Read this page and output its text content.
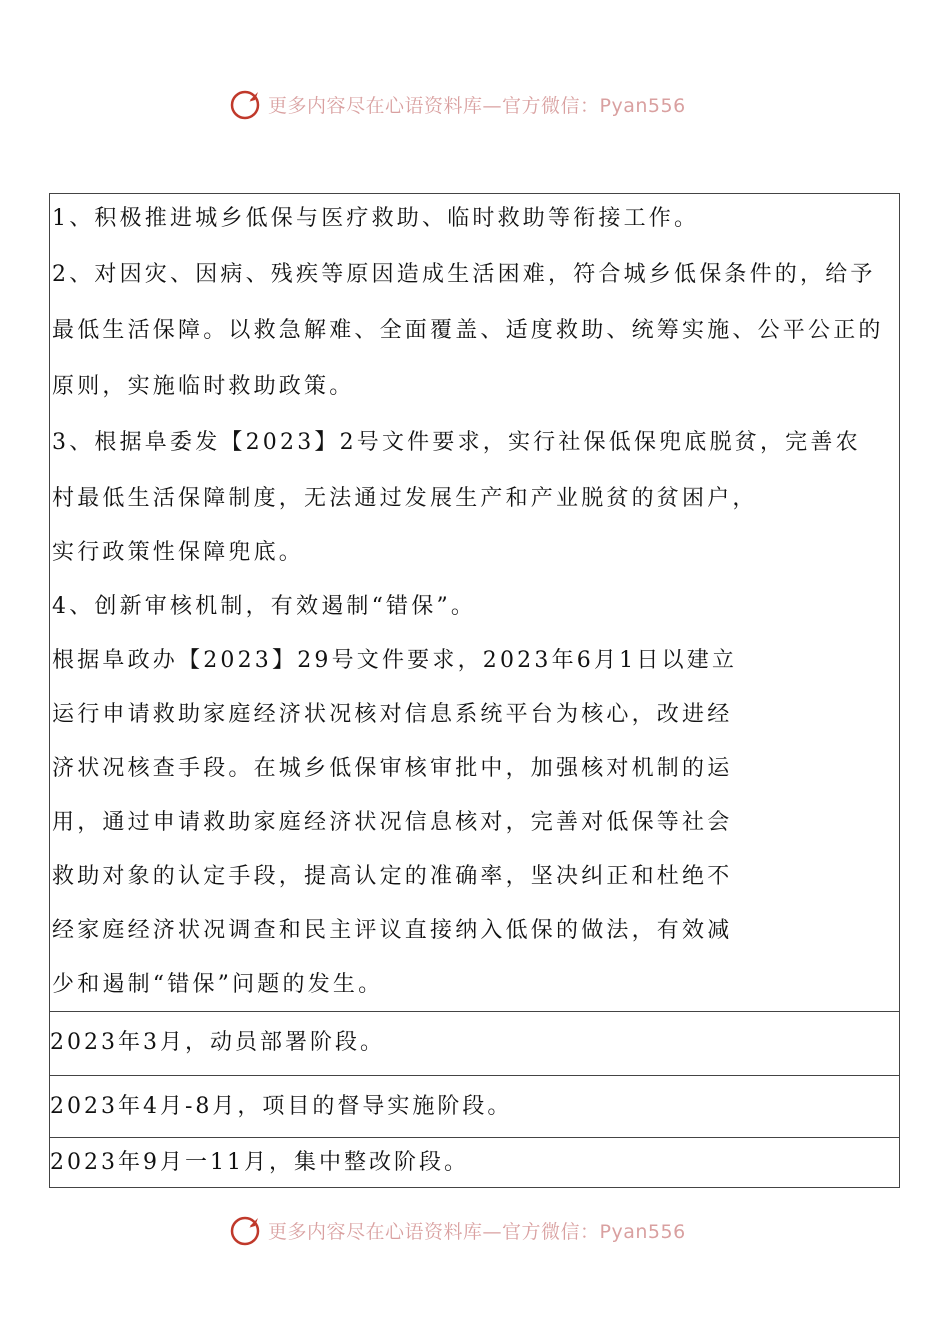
更多内容尽在心语资料库—官方微信：Pyan556
1、积极推进城乡低保与医疗救助、临时救助等衔接工作。
2、对因灾、因病、残疾等原因造成生活困难，符合城乡低保条件的，给予
最低生活保障。以救急解难、全面覆盖、适度救助、统筹实施、公平公正的
原则，实施临时救助政策。
3、根据阜委发【2023】2号文件要求，实行社保低保兜底脱贫，完善农
村最低生活保障制度，无法通过发展生产和产业脱贫的贫困户，
实行政策性保障兜底。
4、创新审核机制，有效遏制“错保”。
根据阜政办【2023】29号文件要求，2023年6月1日以建立
运行申请救助家庭经济状况核对信息系统平台为核心，改进经
济状况核查手段。在城乡低保审核审批中，加强核对机制的运
用，通过申请救助家庭经济状况信息核对，完善对低保等社会
救助对象的认定手段，提高认定的准确率，坚决纠正和杜绝不
经家庭经济状况调查和民主评议直接纳入低保的做法，有效减
少和遏制“错保”问题的发生。
2023年3月，动员部署阶段。
2023年4月-8月，项目的督导实施阶段。
2023年9月一11月，集中整改阶段。
更多内容尽在心语资料库—官方微信：Pyan556
